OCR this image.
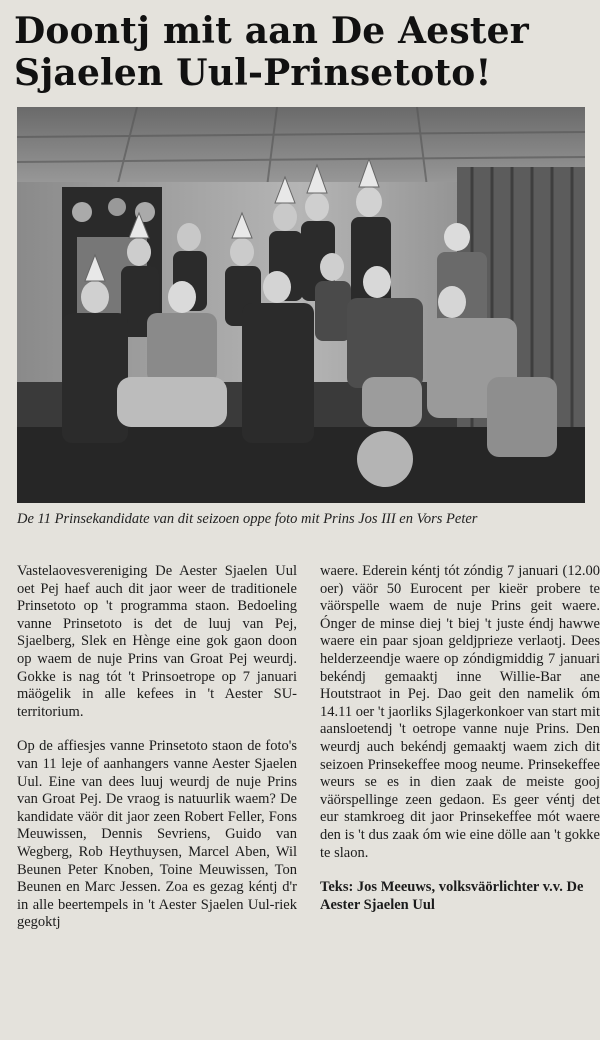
Doontj mit aan De Aester
Sjaelen Uul-Prinsetoto!
De 11 Prinsekandidate van dit seizoen oppe foto mit Prins Jos III en Vors Peter

Vastelaovesvereniging De Aester Sjaelen Uul oet Pej haef auch dit jaor weer de traditionele Prinsetoto op 't programma staon. Bedoeling vanne Prinsetoto is det de luuj van Pej, Sjaelberg, Slek en Hènge eine gok gaon doon op waem de nuje Prins van Groat Pej weurdj. Gokke is nag tót 't Prinsoetrope op 7 januari mäögelik in alle kefees in 't Aester SU-territorium.

Op de affiesjes vanne Prinsetoto staon de foto's van 11 leje of aanhangers vanne Aester Sjaelen Uul. Eine van dees luuj weurdj de nuje Prins van Groat Pej. De vraog is natuurlik waem? De kandidate väör dit jaor zeen Robert Feller, Fons Meuwissen, Dennis Sevriens, Guido van Wegberg, Rob Heythuysen, Marcel Aben, Wil Beunen Peter Knoben, Toine Meuwissen, Ton Beunen en Marc Jessen. Zoa es gezag kéntj d'r in alle beertempels in 't Aester Sjaelen Uul-riek gegoktj

waere. Ederein kéntj tót zóndig 7 januari (12.00 oer) väör 50 Eurocent per kieër probere te väörspelle waem de nuje Prins geit waere. Ónger de minse diej 't biej 't juste éndj hawwe waere ein paar sjoan geldjprieze verlaotj. Dees helderzeendje waere op zóndigmiddig 7 januari bekéndj gemaaktj inne Willie-Bar ane Houtstraot in Pej. Dao geit den namelik óm 14.11 oer 't jaorliks Sjlagerkonkoer van start mit aansloetendj 't oetrope vanne nuje Prins. Den weurdj auch bekéndj gemaaktj waem zich dit seizoen Prinsekeffee moog neume. Prinsekeffee weurs se es in dien zaak de meiste gooj väörspellinge zeen gedaon. Es geer véntj det eur stamkroeg dit jaor Prinsekeffee mót waere den is 't dus zaak óm wie eine dölle aan 't gokke te slaon.

Teks: Jos Meeuws, volksväörlichter v.v. De Aester Sjaelen Uul
